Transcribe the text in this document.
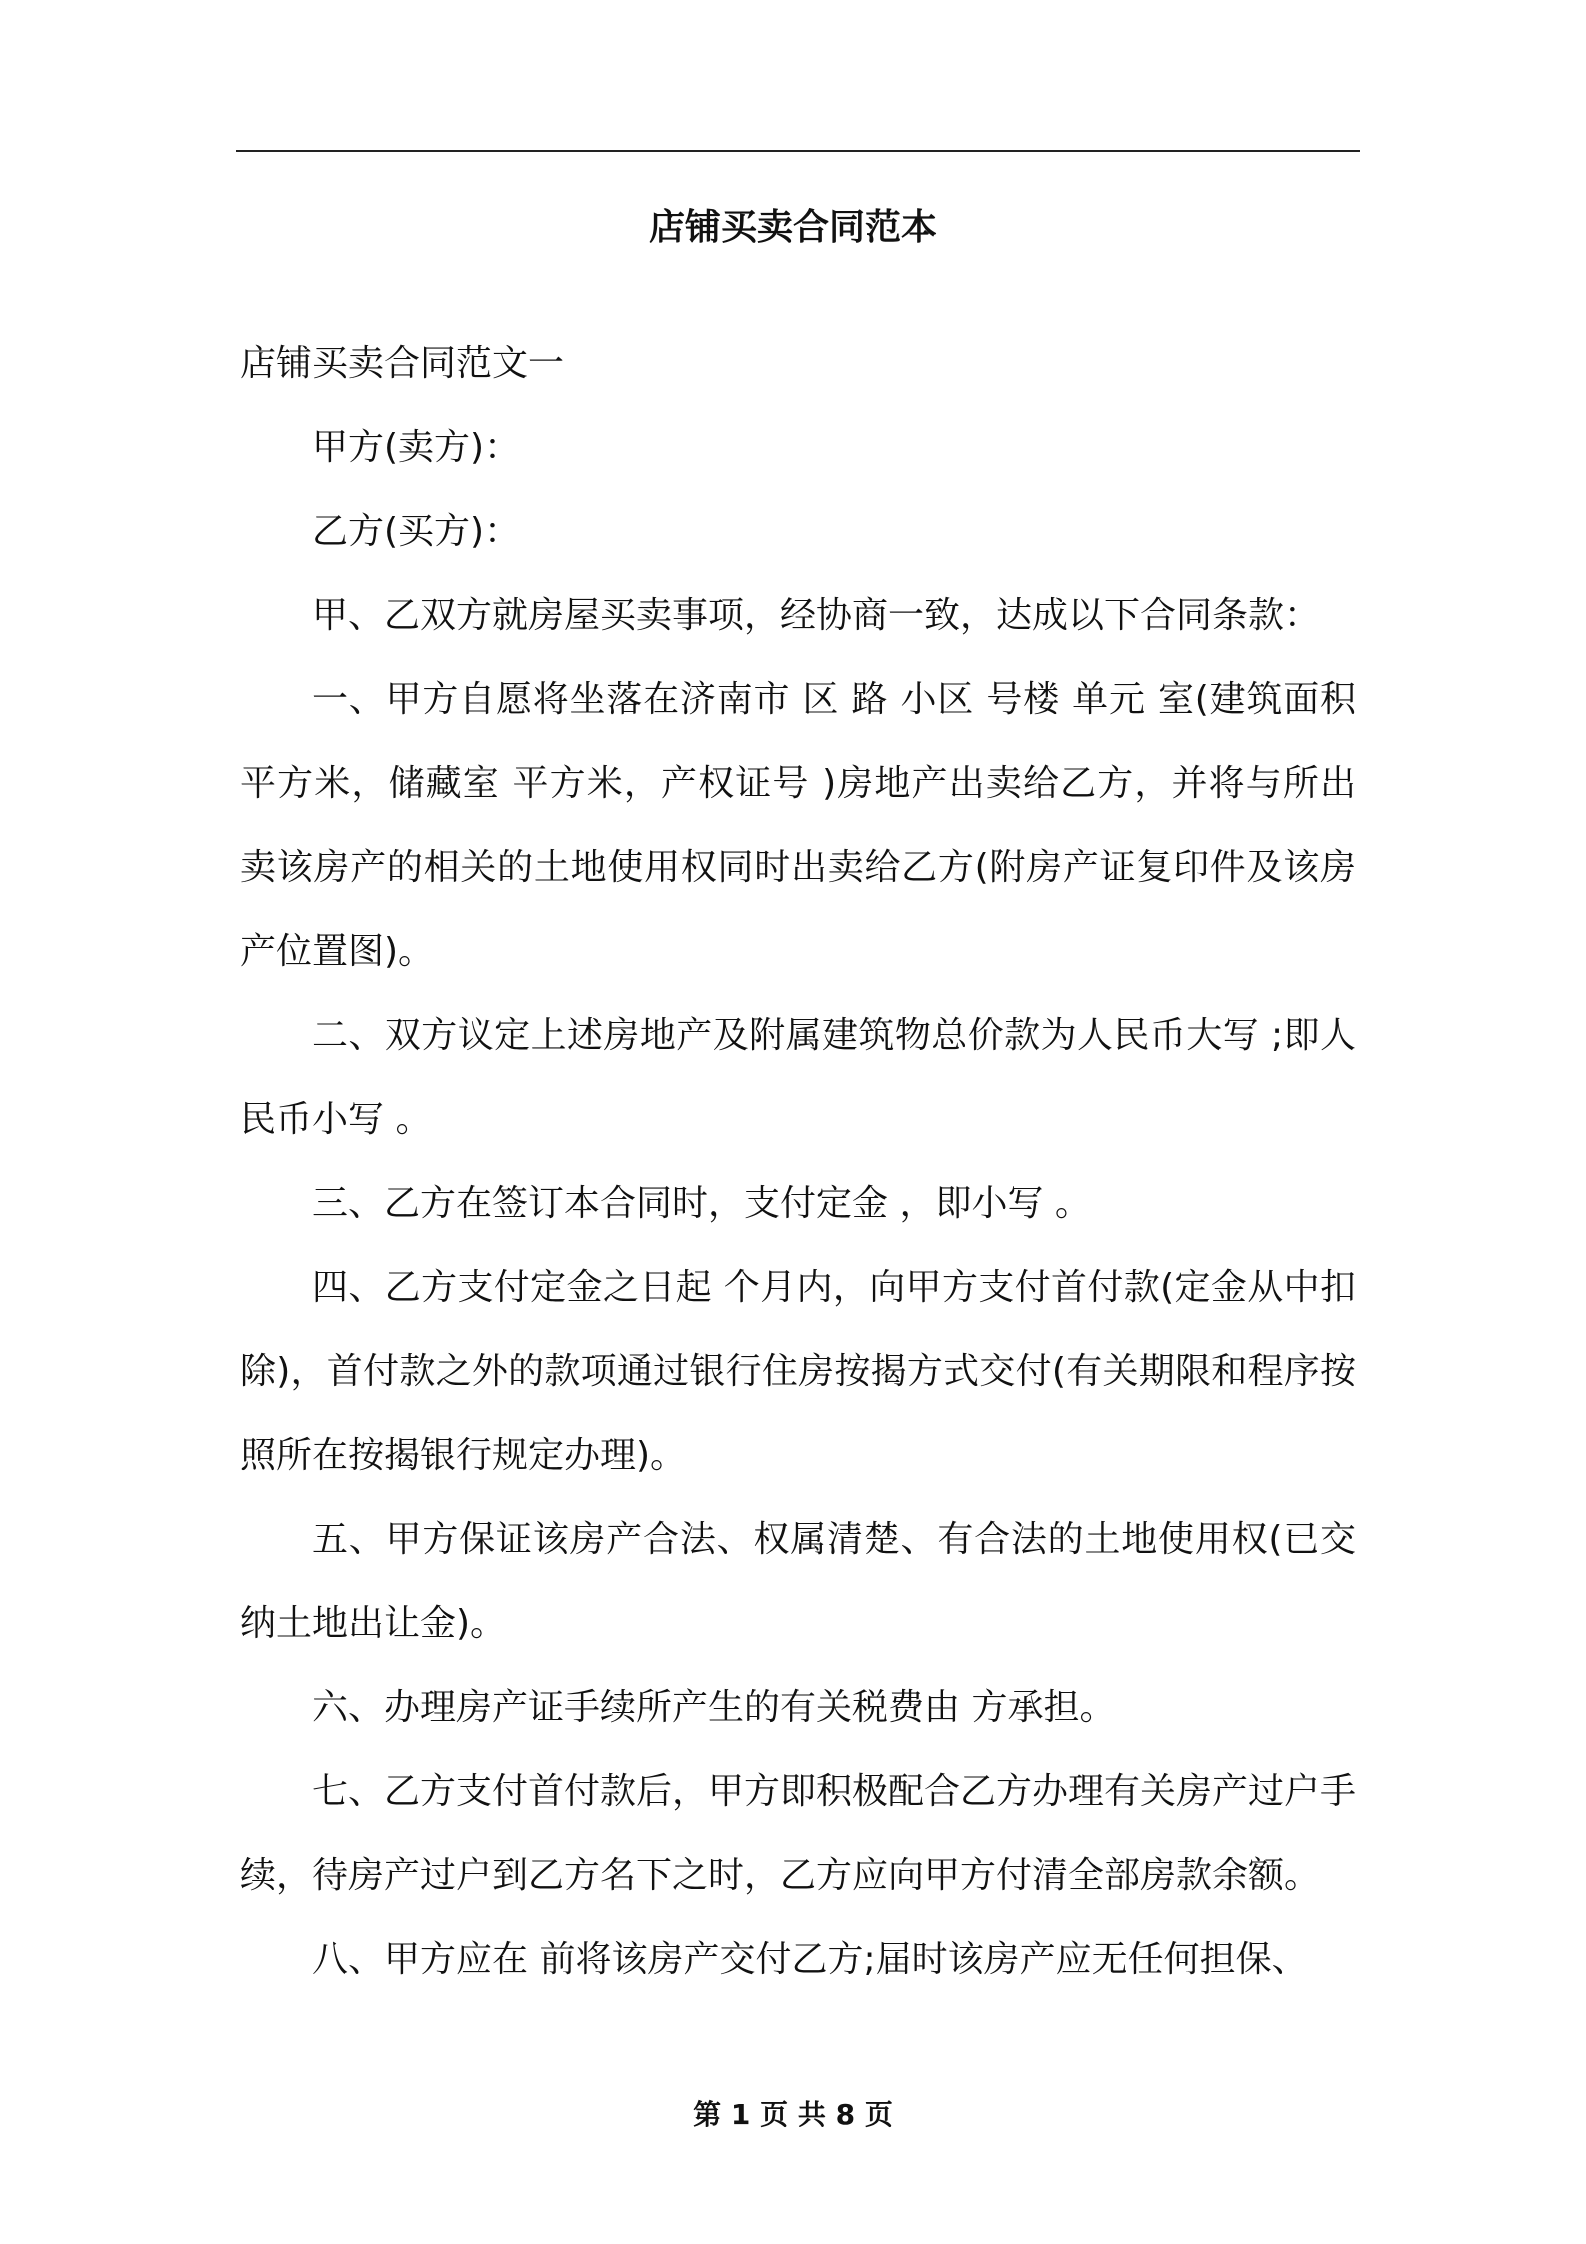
店铺买卖合同范本

店铺买卖合同范文一

甲方(卖方)：

乙方(买方)：

甲、乙双方就房屋买卖事项，经协商一致，达成以下合同条款：

一、甲方自愿将坐落在济南市 区 路 小区 号楼 单元 室(建筑面积 平方米，储藏室 平方米，产权证号 )房地产出卖给乙方，并将与所出卖该房产的相关的土地使用权同时出卖给乙方(附房产证复印件及该房产位置图)。

二、双方议定上述房地产及附属建筑物总价款为人民币大写 ;即人民币小写 。

三、乙方在签订本合同时，支付定金 ，即小写 。

四、乙方支付定金之日起 个月内，向甲方支付首付款(定金从中扣除)，首付款之外的款项通过银行住房按揭方式交付(有关期限和程序按照所在按揭银行规定办理)。

五、甲方保证该房产合法、权属清楚、有合法的土地使用权(已交纳土地出让金)。

六、办理房产证手续所产生的有关税费由 方承担。

七、乙方支付首付款后，甲方即积极配合乙方办理有关房产过户手续，待房产过户到乙方名下之时，乙方应向甲方付清全部房款余额。

八、甲方应在 前将该房产交付乙方;届时该房产应无任何担保、

第 1 页 共 8 页
